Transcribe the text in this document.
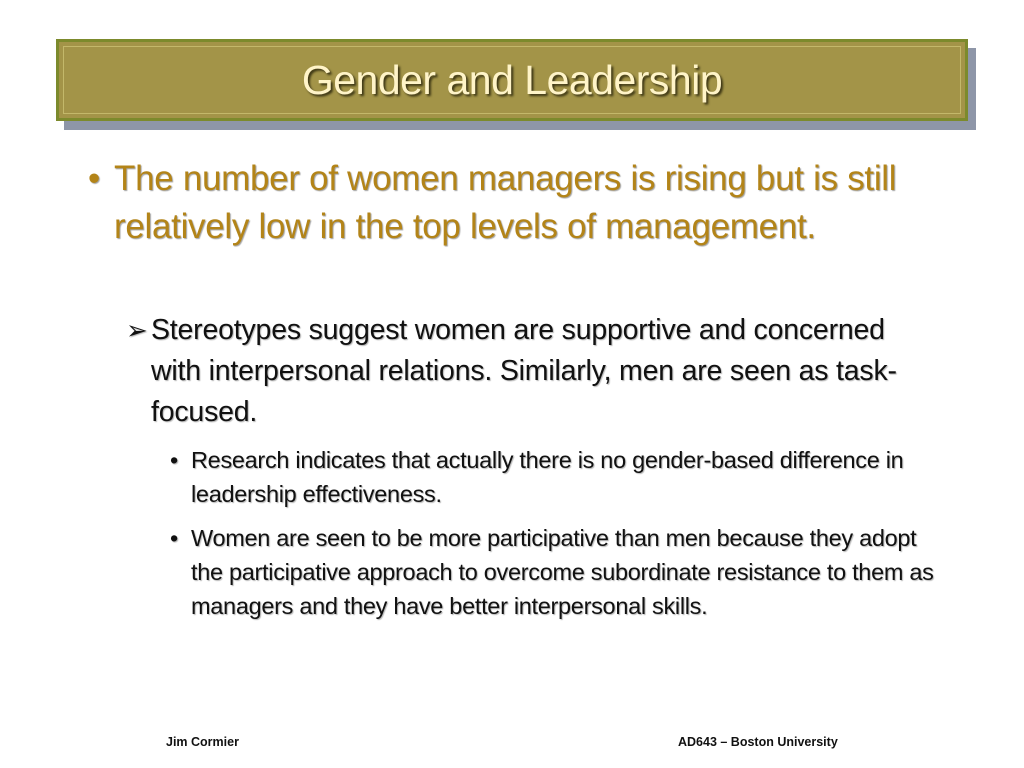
Gender and Leadership
• The number of women managers is rising but is still relatively low in the top levels of management.
➢ Stereotypes suggest women are supportive and concerned with interpersonal relations. Similarly, men are seen as task-focused.
• Research indicates that actually there is no gender-based difference in leadership effectiveness.
• Women are seen to be more participative than men because they adopt the participative approach to overcome subordinate resistance to them as managers and they have better interpersonal skills.
Jim Cormier	AD643 – Boston University
